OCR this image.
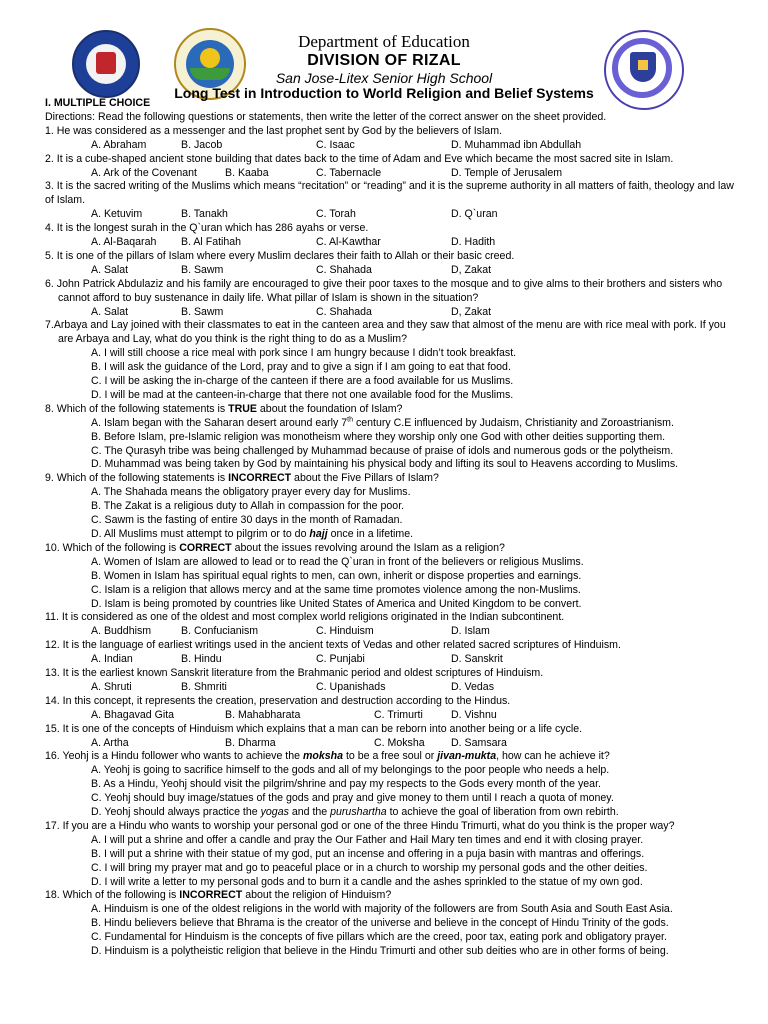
Department of Education
DIVISION OF RIZAL
San Jose-Litex Senior High School
Long Test in Introduction to World Religion and Belief Systems
I. MULTIPLE CHOICE
Directions: Read the following questions or statements, then write the letter of the correct answer on the sheet provided.
1. He was considered as a messenger and the last prophet sent by God by the believers of Islam.
A. Abraham	B. Jacob	C. Isaac	D. Muhammad ibn Abdullah
2. It is a cube-shaped ancient stone building that dates back to the time of Adam and Eve which became the most sacred site in Islam.
A. Ark of the Covenant	B. Kaaba	C. Tabernacle	D. Temple of Jerusalem
3. It is the sacred writing of the Muslims which means “recitation” or “reading” and it is the supreme authority in all matters of faith, theology and law of Islam.
A. Ketuvim	B. Tanakh	C. Torah	D. Q`uran
4. It is the longest surah in the Q`uran which has 286 ayahs or verse.
A. Al-Baqarah B. Al Fatihah	C. Al-Kawthar	D. Hadith
5. It is one of the pillars of Islam where every Muslim declares their faith to Allah or their basic creed.
A. Salat	B. Sawm	C. Shahada	D, Zakat
6. John Patrick Abdulaziz and his family are encouraged to give their poor taxes to the mosque and to give alms to their brothers and sisters who cannot afford to buy sustenance in daily life. What pillar of Islam is shown in the situation?
A. Salat	B. Sawm	C. Shahada	D, Zakat
7.Arbaya and Lay joined with their classmates to eat in the canteen area and they saw that almost of the menu are with rice meal with pork. If you are Arbaya and Lay, what do you think is the right thing to do as a Muslim?
A. I will still choose a rice meal with pork since I am hungry because I didn’t took breakfast.
B. I will ask the guidance of the Lord, pray and to give a sign if I am going to eat that food.
C. I will be asking the in-charge of the canteen if there are a food available for us Muslims.
D. I will be mad at the canteen-in-charge that there not one available food for the Muslims.
8. Which of the following statements is TRUE about the foundation of Islam?
A. Islam began with the Saharan desert around early 7th century C.E influenced by Judaism, Christianity and Zoroastrianism.
B. Before Islam, pre-Islamic religion was monotheism where they worship only one God with other deities supporting them.
C. The Qurasyh tribe was being challenged by Muhammad because of praise of idols and numerous gods or the polytheism.
D. Muhammad was being taken by God by maintaining his physical body and lifting its soul to Heavens according to Muslims.
9. Which of the following statements is INCORRECT about the Five Pillars of Islam?
A. The Shahada means the obligatory prayer every day for Muslims.
B. The Zakat is a religious duty to Allah in compassion for the poor.
C. Sawm is the fasting of entire 30 days in the month of Ramadan.
D. All Muslims must attempt to pilgrim or to do hajj once in a lifetime.
10. Which of the following is CORRECT about the issues revolving around the Islam as a religion?
A. Women of Islam are allowed to lead or to read the Q`uran in front of the believers or religious Muslims.
B. Women in Islam has spiritual equal rights to men, can own, inherit or dispose properties and earnings.
C. Islam is a religion that allows mercy and at the same time promotes violence among the non-Muslims.
D. Islam is being promoted by countries like United States of America and United Kingdom to be convert.
11. It is considered as one of the oldest and most complex world religions originated in the Indian subcontinent.
A. Buddhism	B. Confucianism	C. Hinduism	D. Islam
12. It is the language of earliest writings used in the ancient texts of Vedas and other related sacred scriptures of Hinduism.
A. Indian	B. Hindu	C. Punjabi	D. Sanskrit
13. It is the earliest known Sanskrit literature from the Brahmanic period and oldest scriptures of Hinduism.
A. Shruti	B. Shmriti	C. Upanishads	D. Vedas
14. In this concept, it represents the creation, preservation and destruction according to the Hindus.
A. Bhagavad Gita	B. Mahabharata	C. Trimurti	D. Vishnu
15. It is one of the concepts of Hinduism which explains that a man can be reborn into another being or a life cycle.
A. Artha	B. Dharma	C. Moksha D. Samsara
16. Yeohj is a Hindu follower who wants to achieve the moksha to be a free soul or jivan-mukta, how can he achieve it?
A. Yeohj is going to sacrifice himself to the gods and all of my belongings to the poor people who needs a help.
B. As a Hindu, Yeohj should visit the pilgrim/shrine and pay my respects to the Gods every month of the year.
C. Yeohj should buy image/statues of the gods and pray and give money to them until I reach a quota of money.
D. Yeohj should always practice the yogas and the purushartha to achieve the goal of liberation from own rebirth.
17. If you are a Hindu who wants to worship your personal god or one of the three Hindu Trimurti, what do you think is the proper way?
A. I will put a shrine and offer a candle and pray the Our Father and Hail Mary ten times and end it with closing prayer.
B. I will put a shrine with their statue of my god, put an incense and offering in a puja basin with mantras and offerings.
C. I will bring my prayer mat and go to peaceful place or in a church to worship my personal gods and the other deities.
D. I will write a letter to my personal gods and to burn it a candle and the ashes sprinkled to the statue of my own god.
18. Which of the following is INCORRECT about the religion of Hinduism?
A. Hinduism is one of the oldest religions in the world with majority of the followers are from South Asia and South East Asia.
B. Hindu believers believe that Bhrama is the creator of the universe and believe in the concept of Hindu Trinity of the gods.
C. Fundamental for Hinduism is the concepts of five pillars which are the creed, poor tax, eating pork and obligatory prayer.
D. Hinduism is a polytheistic religion that believe in the Hindu Trimurti and other sub deities who are in other forms of being.
